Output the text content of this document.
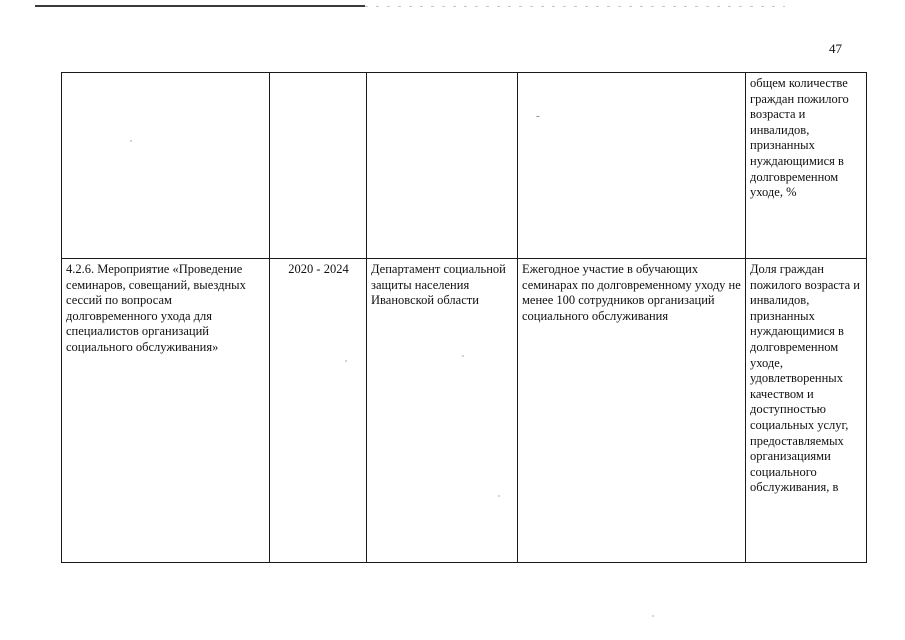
47

			-	общем количестве граждан пожилого возраста и инвалидов, признанных нуждающимися в долговременном уходе, %
4.2.6. Мероприятие «Проведение семинаров, совещаний, выездных сессий по вопросам долговременного ухода для специалистов организаций социального обслуживания»	2020 - 2024	Департамент социальной защиты населения Ивановской области	Ежегодное участие в обучающих семинарах по долговременному уходу не менее 100 сотрудников организаций социального обслуживания	Доля граждан пожилого возраста и инвалидов, признанных нуждающимися в долговременном уходе, удовлетворенных качеством и доступностью социальных услуг, предоставляемых организациями социального обслуживания, в
